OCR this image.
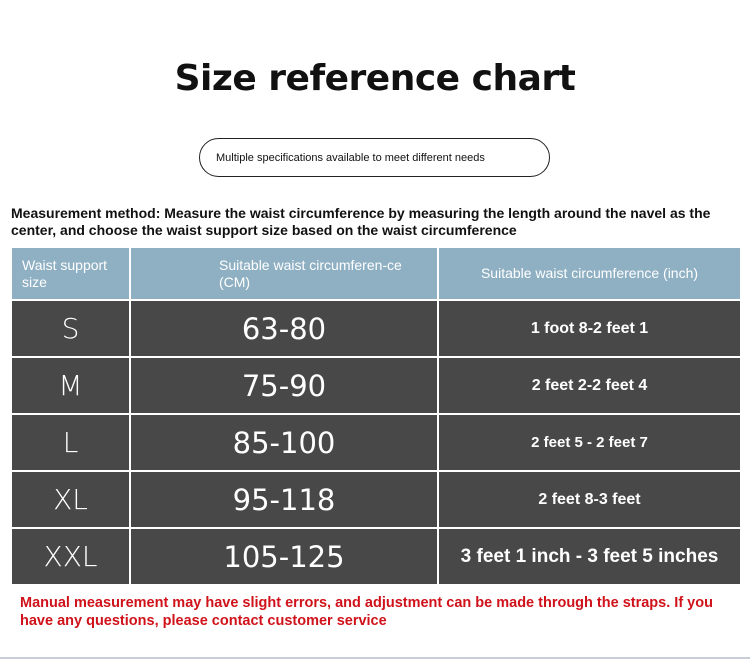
Size reference chart
Multiple specifications available to meet different needs

Measurement method: Measure the waist circumference by measuring the length around the navel as the center, and choose the waist support size based on the waist circumference

Waist support size	Suitable waist circumferen-ce (CM)	Suitable waist circumference (inch)
S	63-80	1 foot 8-2 feet 1
M	75-90	2 feet 2-2 feet 4
L	85-100	2 feet 5 - 2 feet 7
XL	95-118	2 feet 8-3 feet
XXL	105-125	3 feet 1 inch - 3 feet 5 inches

Manual measurement may have slight errors, and adjustment can be made through the straps. If you have any questions, please contact customer service
